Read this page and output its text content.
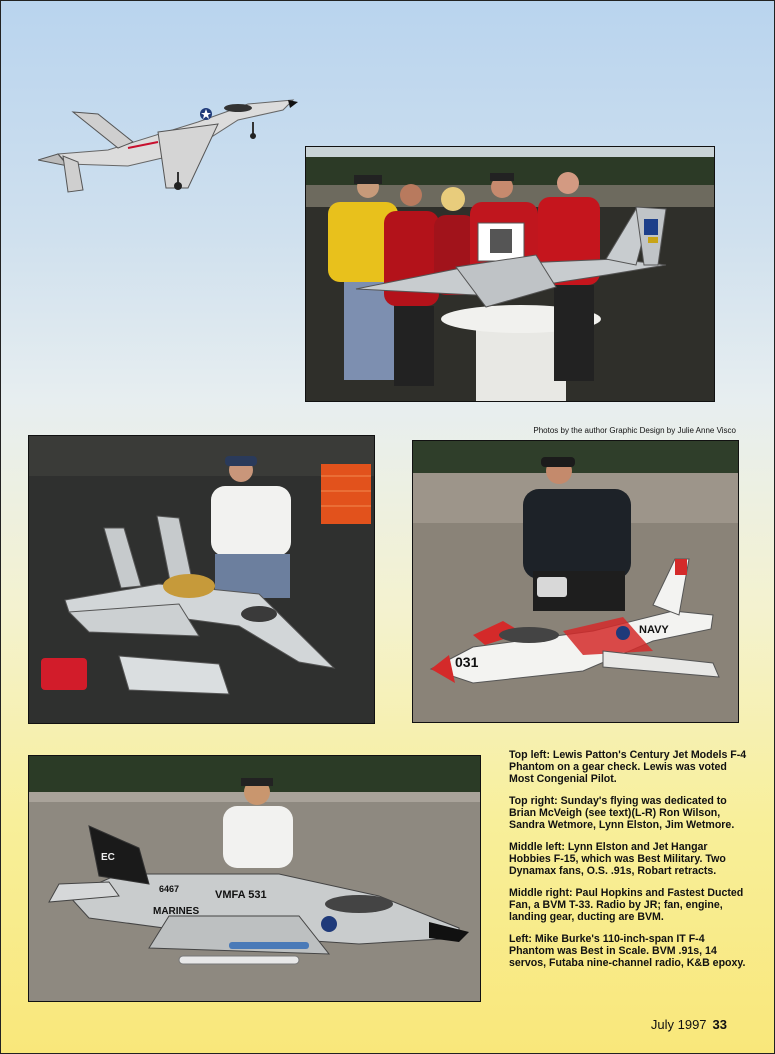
Photos by the author Graphic Design by Julie Anne Visco
031
NAVY
EC
6467	VMFA 531
MARINES

Top left: Lewis Patton's Century Jet Models F-4 Phantom on a gear check. Lewis was voted Most Congenial Pilot.

Top right: Sunday's flying was dedicated to Brian McVeigh (see text)(L-R) Ron Wilson, Sandra Wetmore, Lynn Elston, Jim Wetmore.

Middle left: Lynn Elston and Jet Hangar Hobbies F-15, which was Best Military. Two Dynamax fans, O.S. .91s, Robart retracts.

Middle right: Paul Hopkins and Fastest Ducted Fan, a BVM T-33. Radio by JR; fan, engine, landing gear, ducting are BVM.

Left: Mike Burke's 110-inch-span IT F-4 Phantom was Best in Scale. BVM .91s, 14 servos, Futaba nine-channel radio, K&B epoxy.

July 1997 33
